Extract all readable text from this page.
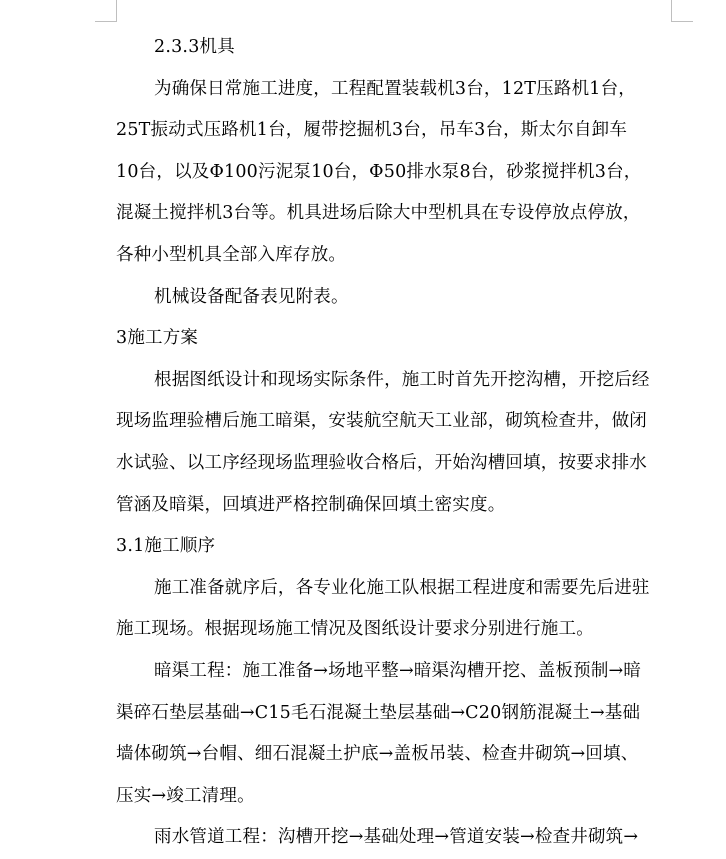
2.3.3机具

为确保日常施工进度，工程配置装载机3台，12T压路机1台，

25T振动式压路机1台，履带挖掘机3台，吊车3台，斯太尔自卸车

10台，以及Φ100污泥泵10台，Φ50排水泵8台，砂浆搅拌机3台，

混凝土搅拌机3台等。机具进场后除大中型机具在专设停放点停放，

各种小型机具全部入库存放。

机械设备配备表见附表。

3施工方案

根据图纸设计和现场实际条件，施工时首先开挖沟槽，开挖后经

现场监理验槽后施工暗渠，安装航空航天工业部，砌筑检查井，做闭

水试验、以工序经现场监理验收合格后，开始沟槽回填，按要求排水

管涵及暗渠，回填进严格控制确保回填土密实度。

3.1施工顺序

施工准备就序后，各专业化施工队根据工程进度和需要先后进驻

施工现场。根据现场施工情况及图纸设计要求分别进行施工。

暗渠工程：施工准备→场地平整→暗渠沟槽开挖、盖板预制→暗

渠碎石垫层基础→C15毛石混凝土垫层基础→C20钢筋混凝土→基础

墙体砌筑→台帽、细石混凝土护底→盖板吊装、检查井砌筑→回填、

压实→竣工清理。

雨水管道工程：沟槽开挖→基础处理→管道安装→检查井砌筑→
